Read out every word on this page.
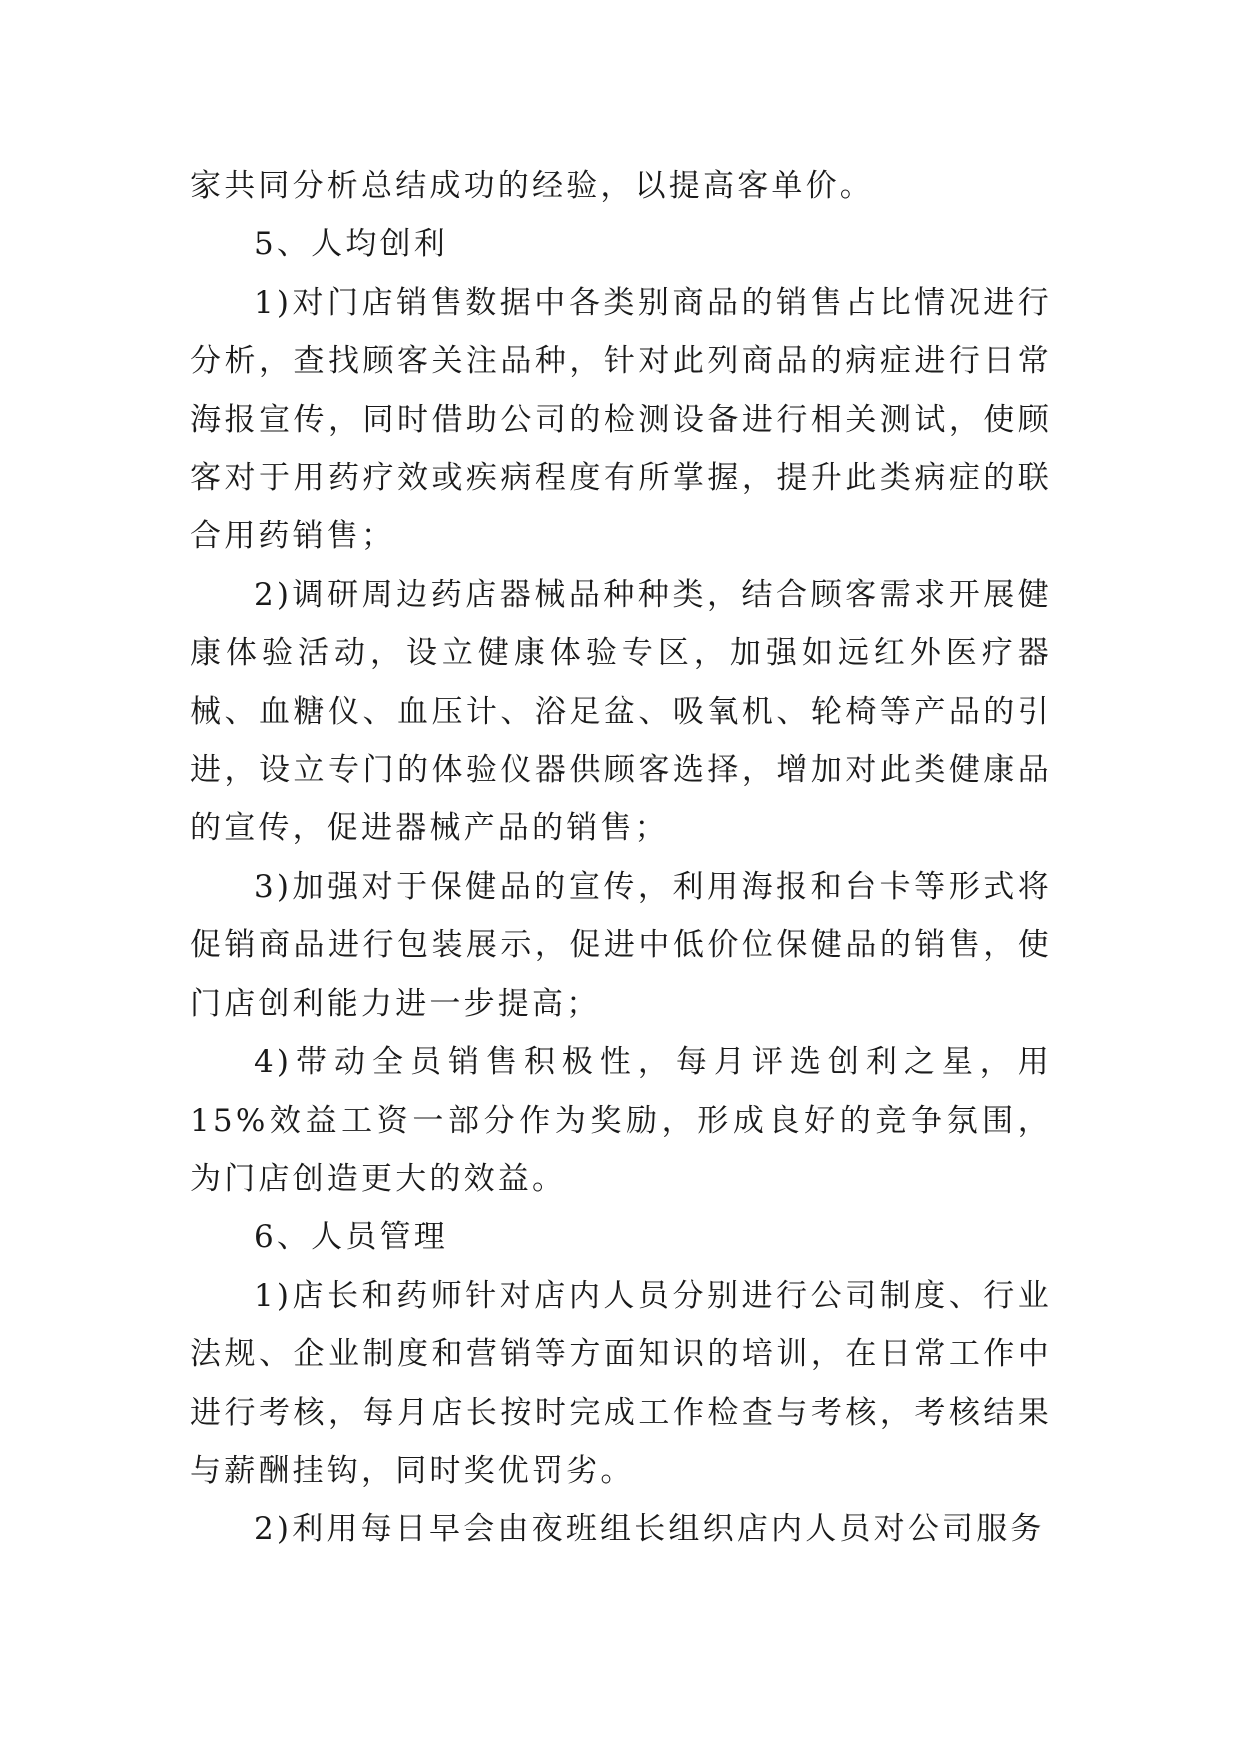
家共同分析总结成功的经验，以提高客单价。

5、人均创利

1)对门店销售数据中各类别商品的销售占比情况进行分析，查找顾客关注品种，针对此列商品的病症进行日常海报宣传，同时借助公司的检测设备进行相关测试，使顾客对于用药疗效或疾病程度有所掌握，提升此类病症的联合用药销售；

2)调研周边药店器械品种种类，结合顾客需求开展健康体验活动，设立健康体验专区，加强如远红外医疗器械、血糖仪、血压计、浴足盆、吸氧机、轮椅等产品的引进，设立专门的体验仪器供顾客选择，增加对此类健康品的宣传，促进器械产品的销售；

3)加强对于保健品的宣传，利用海报和台卡等形式将促销商品进行包装展示，促进中低价位保健品的销售，使门店创利能力进一步提高；

4)带动全员销售积极性，每月评选创利之星，用15%效益工资一部分作为奖励，形成良好的竞争氛围，为门店创造更大的效益。

6、人员管理

1)店长和药师针对店内人员分别进行公司制度、行业法规、企业制度和营销等方面知识的培训，在日常工作中进行考核，每月店长按时完成工作检查与考核，考核结果与薪酬挂钩，同时奖优罚劣。

2)利用每日早会由夜班组长组织店内人员对公司服务
